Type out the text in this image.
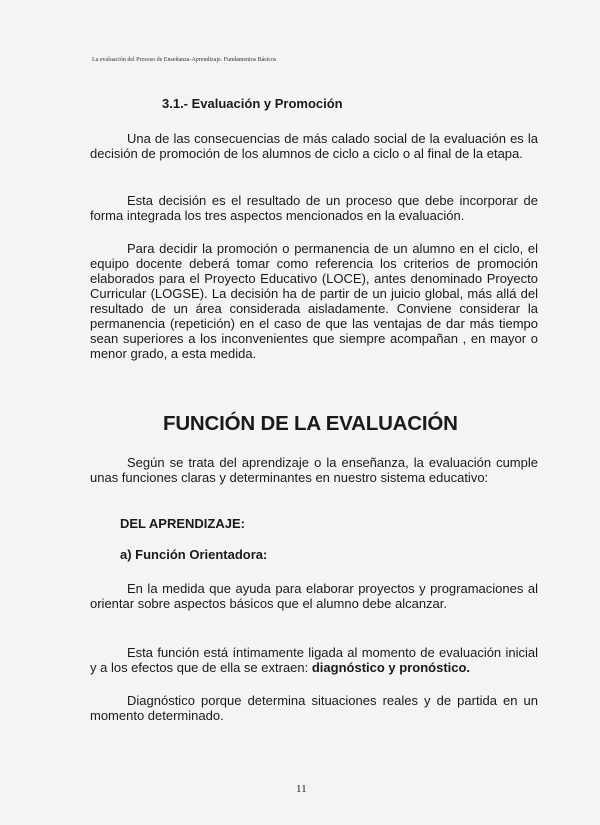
La evaluación del Proceso de Enseñanza-Aprendizaje. Fundamentos Básicos
3.1.- Evaluación y Promoción

Una de las consecuencias de más calado social de la evaluación es la decisión de promoción de los alumnos de ciclo a ciclo o al final de la etapa.

Esta decisión es el resultado de un proceso que debe incorporar de forma integrada los tres aspectos mencionados en la evaluación.

Para decidir la promoción o permanencia de un alumno en el ciclo, el equipo docente deberá tomar como referencia los criterios de promoción elaborados para el Proyecto Educativo (LOCE), antes denominado Proyecto Curricular (LOGSE). La decisión ha de partir de un juicio global, más allá del resultado de un área considerada aisladamente. Conviene considerar la permanencia (repetición) en el caso de que las ventajas de dar más tiempo sean superiores a los inconvenientes que siempre acompañan , en mayor o menor grado, a esta medida.

FUNCIÓN DE LA EVALUACIÓN

Según se trata del aprendizaje o la enseñanza, la evaluación cumple unas funciones claras y determinantes en nuestro sistema educativo:

DEL APRENDIZAJE:
a) Función Orientadora:

En la medida que ayuda para elaborar proyectos y programaciones al orientar sobre aspectos básicos que el alumno debe alcanzar.

Esta función está íntimamente ligada al momento de evaluación inicial y a los efectos que de ella se extraen: diagnóstico y pronóstico.

Diagnóstico porque determina situaciones reales y de partida en un momento determinado.

11
